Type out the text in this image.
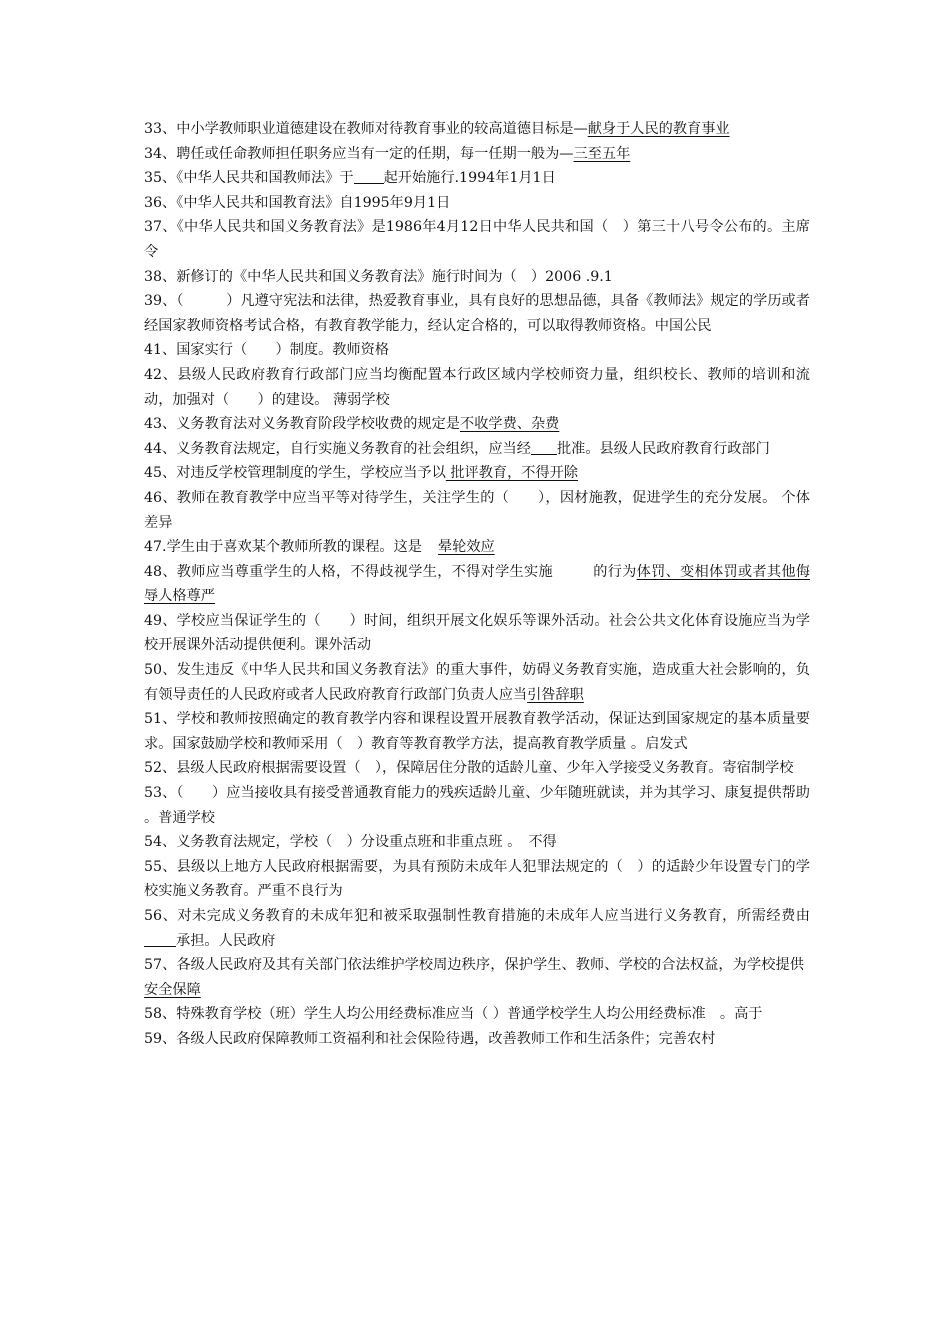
33、中小学教师职业道德建设在教师对待教育事业的较高道德目标是—献身于人民的教育事业

34、聘任或任命教师担任职务应当有一定的任期，每一任期一般为—三至五年

35、《中华人民共和国教师法》于 起开始施行.1994年1月1日

36、《中华人民共和国教育法》自1995年9月1日

37、《中华人民共和国义务教育法》是1986年4月12日中华人民共和国（　）第三十八号令公布的。主席令

38、新修订的《中华人民共和国义务教育法》施行时间为（　）2006 .9.1

39、（　　　）凡遵守宪法和法律，热爱教育事业，具有良好的思想品德，具备《教师法》规定的学历或者经国家教师资格考试合格，有教育教学能力，经认定合格的，可以取得教师资格。中国公民

41、国家实行（　　）制度。教师资格

42、县级人民政府教育行政部门应当均衡配置本行政区域内学校师资力量，组织校长、教师的培训和流动，加强对（　　）的建设。 薄弱学校

43、义务教育法对义务教育阶段学校收费的规定是不收学费、杂费

44、义务教育法规定，自行实施义务教育的社会组织，应当经 批准。县级人民政府教育行政部门

45、对违反学校管理制度的学生，学校应当予以 批评教育，不得开除

46、教师在教育教学中应当平等对待学生，关注学生的（　　），因材施教，促进学生的充分发展。 个体差异

47.学生由于喜欢某个教师所教的课程。这是 晕轮效应

48、教师应当尊重学生的人格，不得歧视学生，不得对学生实施	的行为体罚、变相体罚或者其他侮辱人格尊严

49、学校应当保证学生的（　　）时间，组织开展文化娱乐等课外活动。社会公共文化体育设施应当为学校开展课外活动提供便利。课外活动

50、发生违反《中华人民共和国义务教育法》的重大事件，妨碍义务教育实施，造成重大社会影响的，负有领导责任的人民政府或者人民政府教育行政部门负责人应当引咎辞职

51、学校和教师按照确定的教育教学内容和课程设置开展教育教学活动，保证达到国家规定的基本质量要求。国家鼓励学校和教师采用（　）教育等教育教学方法，提高教育教学质量 。启发式

52、县级人民政府根据需要设置（　），保障居住分散的适龄儿童、少年入学接受义务教育。寄宿制学校

53、（　　）应当接收具有接受普通教育能力的残疾适龄儿童、少年随班就读，并为其学习、康复提供帮助 。普通学校

54、义务教育法规定，学校（　）分设重点班和非重点班 。　不得

55、县级以上地方人民政府根据需要，为具有预防未成年人犯罪法规定的（　）的适龄少年设置专门的学校实施义务教育。严重不良行为

56、对未完成义务教育的未成年犯和被采取强制性教育措施的未成年人应当进行义务教育，所需经费由承担。人民政府

57、各级人民政府及其有关部门依法维护学校周边秩序，保护学生、教师、学校的合法权益，为学校提供安全保障

58、特殊教育学校（班）学生人均公用经费标准应当（ ）普通学校学生人均公用经费标准　。高于

59、各级人民政府保障教师工资福利和社会保险待遇，改善教师工作和生活条件；完善农村
